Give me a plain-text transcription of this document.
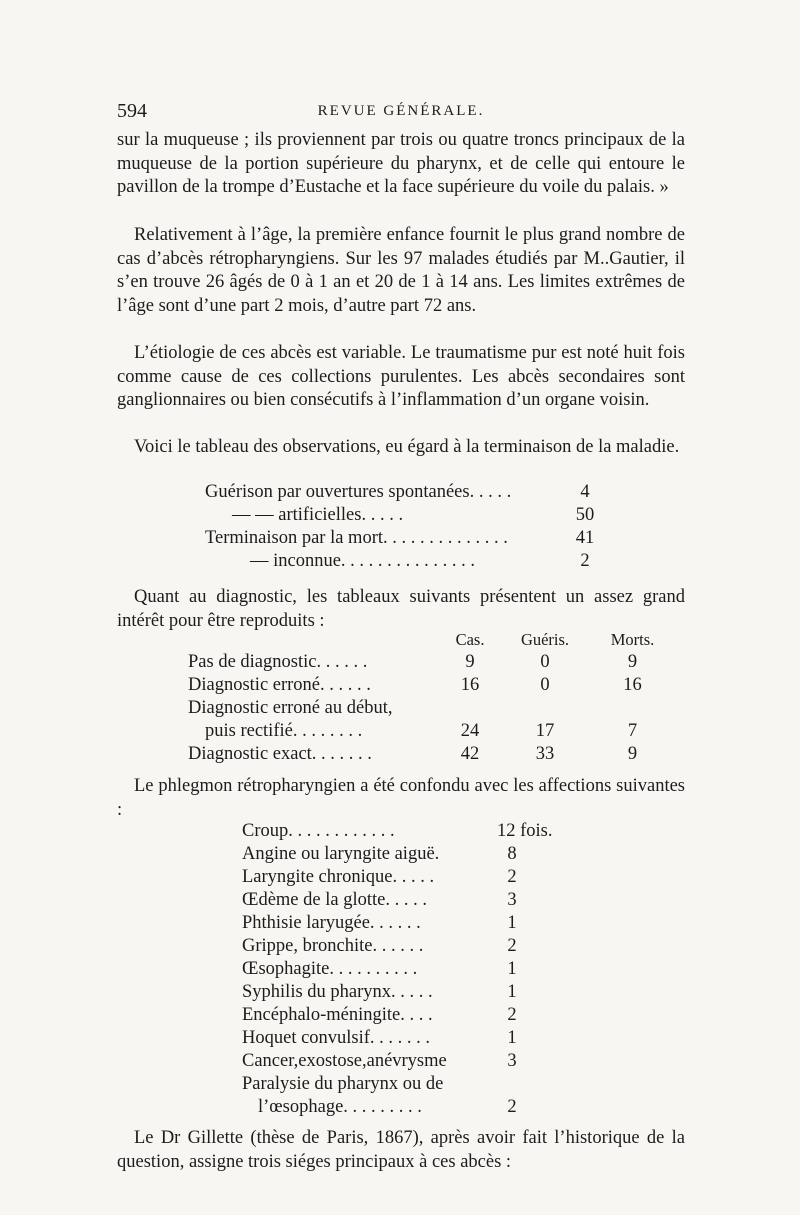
594	REVUE GÉNÉRALE.
sur la muqueuse ; ils proviennent par trois ou quatre troncs principaux de la muqueuse de la portion supérieure du pharynx, et de celle qui entoure le pavillon de la trompe d’Eustache et la face supérieure du voile du palais. »
Relativement à l’âge, la première enfance fournit le plus grand nombre de cas d’abcès rétropharyngiens. Sur les 97 malades étudiés par M..Gautier, il s’en trouve 26 âgés de 0 à 1 an et 20 de 1 à 14 ans. Les limites extrêmes de l’âge sont d’une part 2 mois, d’autre part 72 ans.
L’étiologie de ces abcès est variable. Le traumatisme pur est noté huit fois comme cause de ces collections purulentes. Les abcès secondaires sont ganglionnaires ou bien consécutifs à l’inflammation d’un organe voisin.
Voici le tableau des observations, eu égard à la terminaison de la maladie.
Guérison par ouvertures spontanées. . . . .	4
— — artificielles. . . . .	50
Terminaison par la mort. . . . . . . . . . . . . .	41
— inconnue. . . . . . . . . . . . . . .	2
Quant au diagnostic, les tableaux suivants présentent un assez grand intérêt pour être reproduits :
Cas.	Guéris.	Morts.
Pas de diagnostic. . . . . .	9	0	9
Diagnostic erroné. . . . . .	16	0	16
Diagnostic erroné au début,
puis rectifié. . . . . . . .	24	17	7
Diagnostic exact. . . . . . .	42	33	9
Le phlegmon rétropharyngien a été confondu avec les affections suivantes :
Croup. . . . . . . . . . . .	12 fois.
Angine ou laryngite aiguë.	8
Laryngite chronique. . . . .	2
Œdème de la glotte. . . . .	3
Phthisie laryugée. . . . . .	1
Grippe, bronchite. . . . . .	2
Œsophagite. . . . . . . . . .	1
Syphilis du pharynx. . . . .	1
Encéphalo-méningite. . . .	2
Hoquet convulsif. . . . . . .	1
Cancer,exostose,anévrysme	3
Paralysie du pharynx ou de
l’œsophage. . . . . . . . .	2
Le Dr Gillette (thèse de Paris, 1867), après avoir fait l’historique de la question, assigne trois siéges principaux à ces abcès :
